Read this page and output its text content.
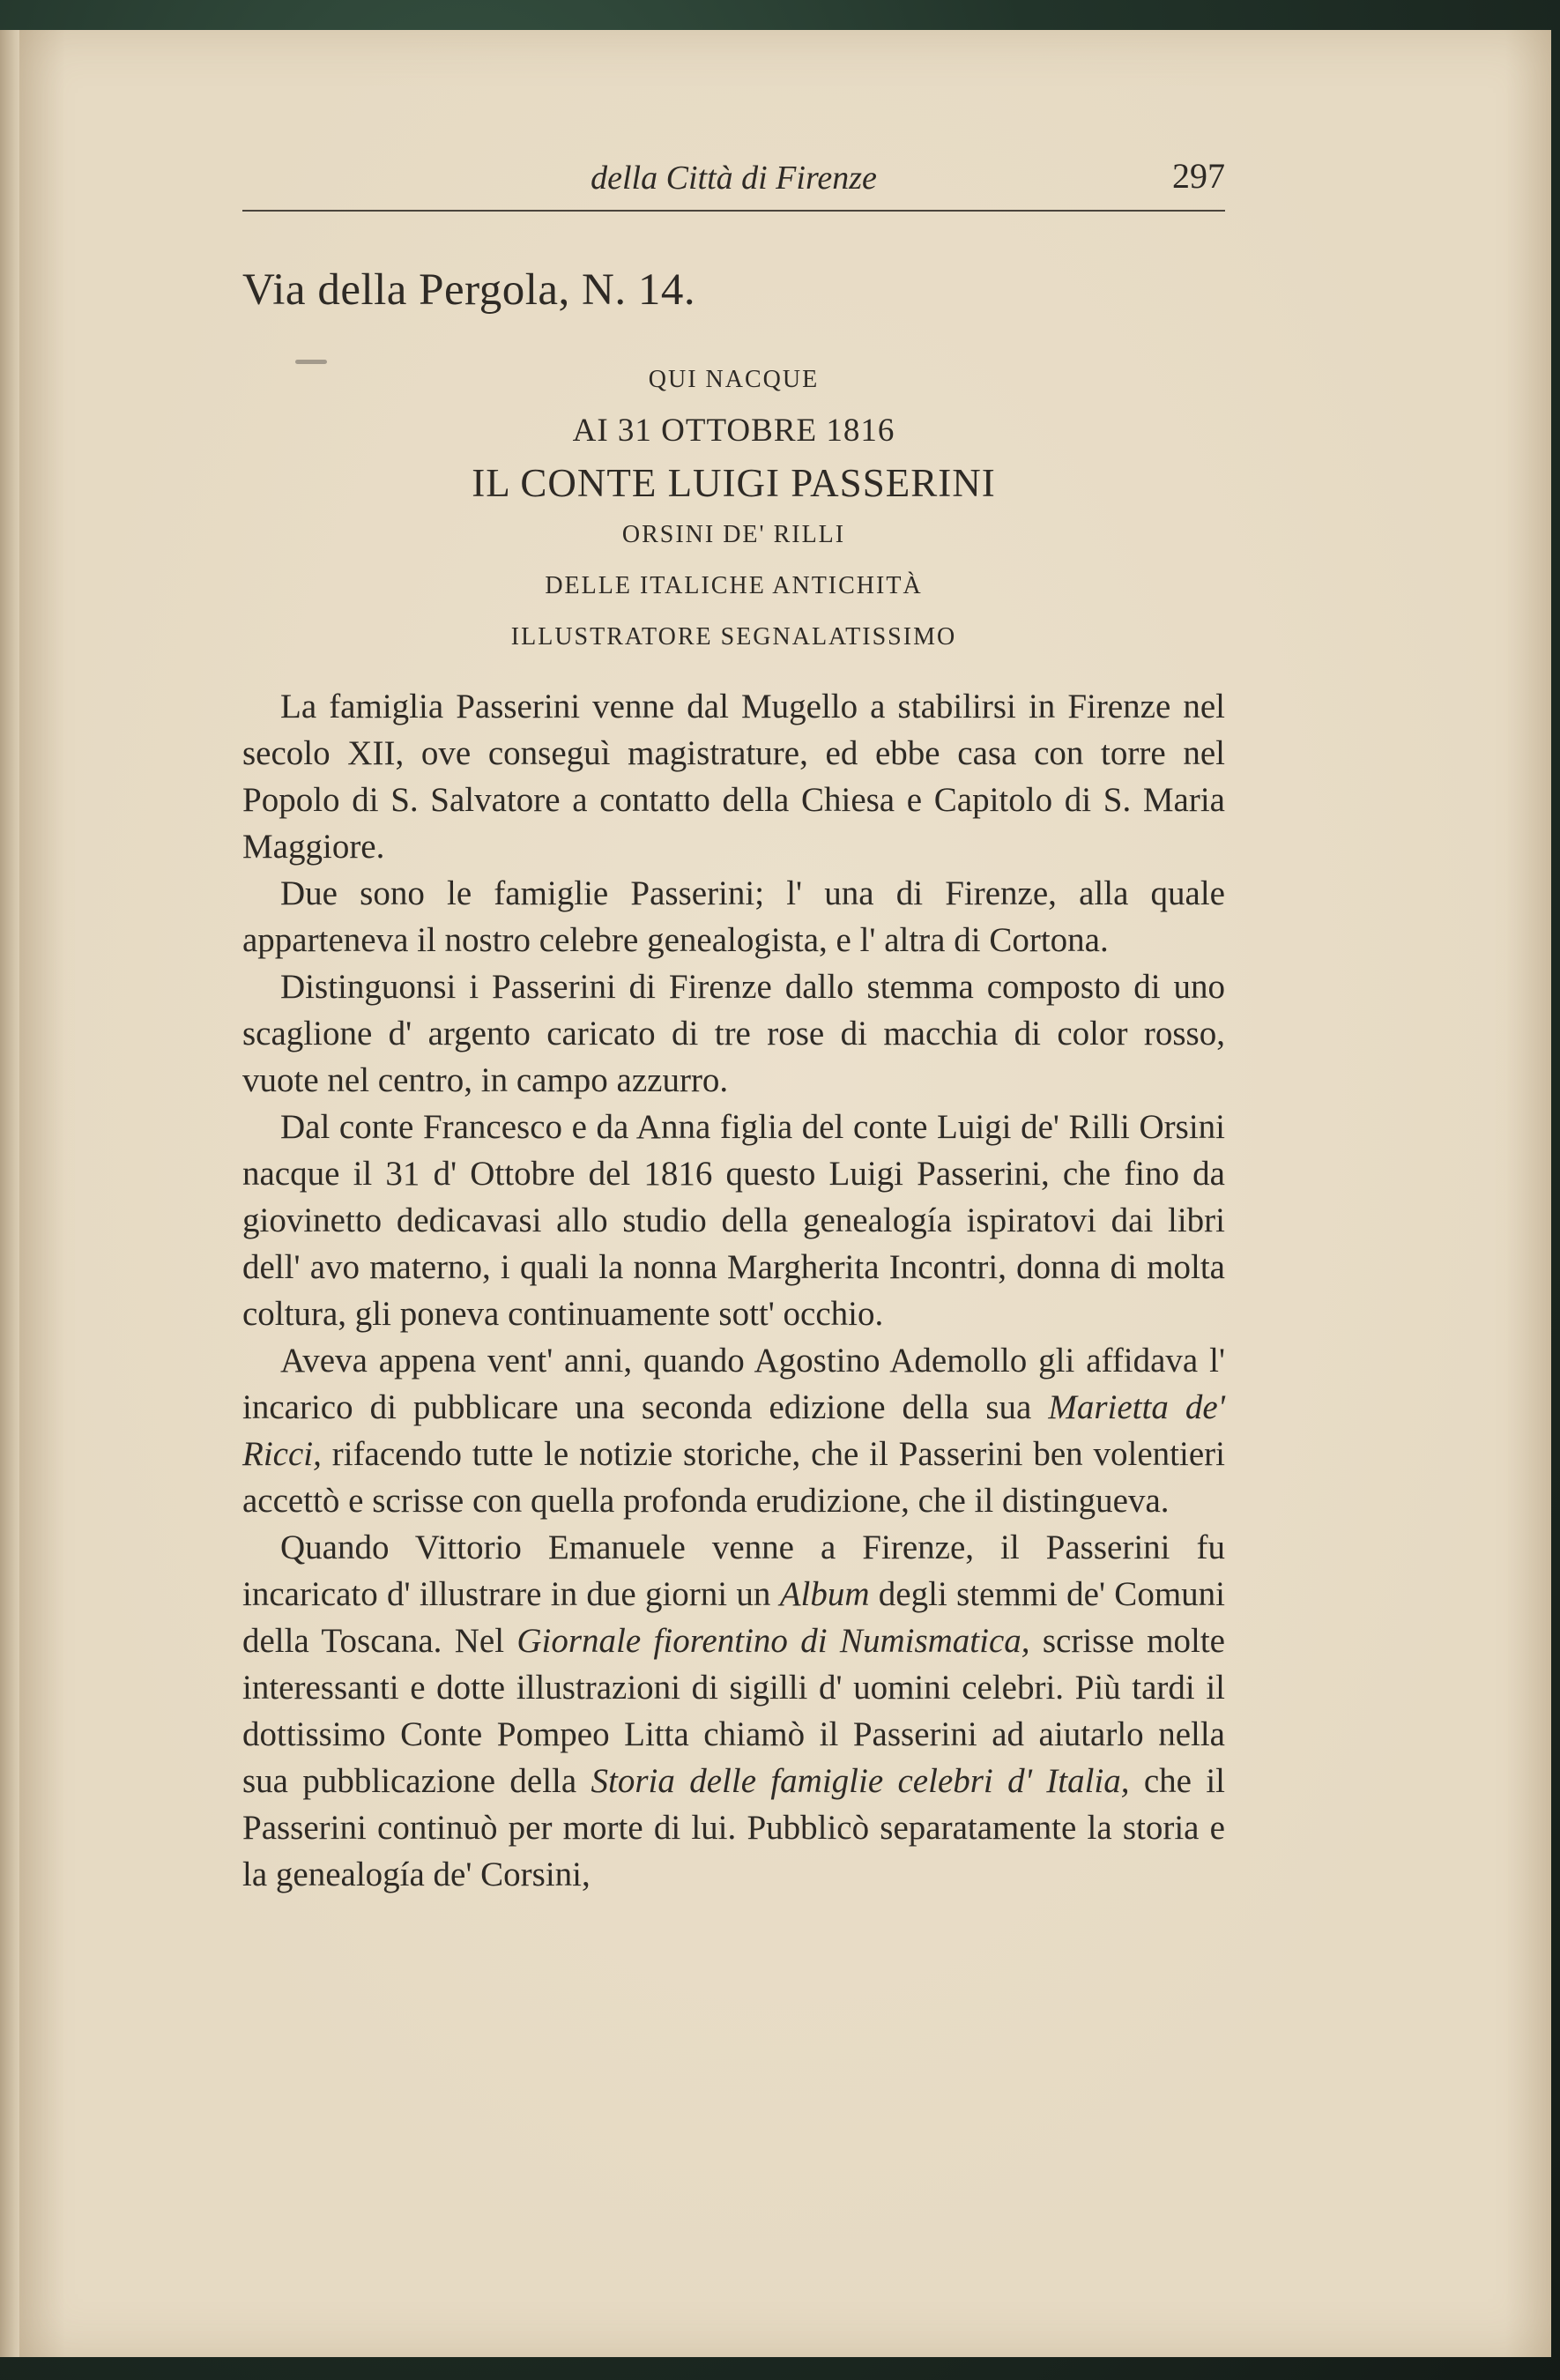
della Città di Firenze	297
Via della Pergola, N. 14.
QUI NACQUE
AI 31 OTTOBRE 1816
IL CONTE LUIGI PASSERINI
ORSINI DE' RILLI
DELLE ITALICHE ANTICHITÀ
ILLUSTRATORE SEGNALATISSIMO

La famiglia Passerini venne dal Mugello a stabilirsi in Firenze nel secolo XII, ove conseguì magistrature, ed ebbe casa con torre nel Popolo di S. Salvatore a contatto della Chiesa e Capitolo di S. Maria Maggiore.

Due sono le famiglie Passerini; l' una di Firenze, alla quale apparteneva il nostro celebre genealogista, e l' altra di Cortona.

Distinguonsi i Passerini di Firenze dallo stemma composto di uno scaglione d' argento caricato di tre rose di macchia di color rosso, vuote nel centro, in campo azzurro.

Dal conte Francesco e da Anna figlia del conte Luigi de' Rilli Orsini nacque il 31 d' Ottobre del 1816 questo Luigi Passerini, che fino da giovinetto dedicavasi allo studio della genealogía ispiratovi dai libri dell' avo materno, i quali la nonna Margherita Incontri, donna di molta coltura, gli poneva continuamente sott' occhio.

Aveva appena vent' anni, quando Agostino Ademollo gli affidava l' incarico di pubblicare una seconda edizione della sua Marietta de' Ricci, rifacendo tutte le notizie storiche, che il Passerini ben volentieri accettò e scrisse con quella profonda erudizione, che il distingueva.

Quando Vittorio Emanuele venne a Firenze, il Passerini fu incaricato d' illustrare in due giorni un Album degli stemmi de' Comuni della Toscana. Nel Giornale fiorentino di Numismatica, scrisse molte interessanti e dotte illustrazioni di sigilli d' uomini celebri. Più tardi il dottissimo Conte Pompeo Litta chiamò il Passerini ad aiutarlo nella sua pubblicazione della Storia delle famiglie celebri d' Italia, che il Passerini continuò per morte di lui. Pubblicò separatamente la storia e la genealogía de' Corsini,
